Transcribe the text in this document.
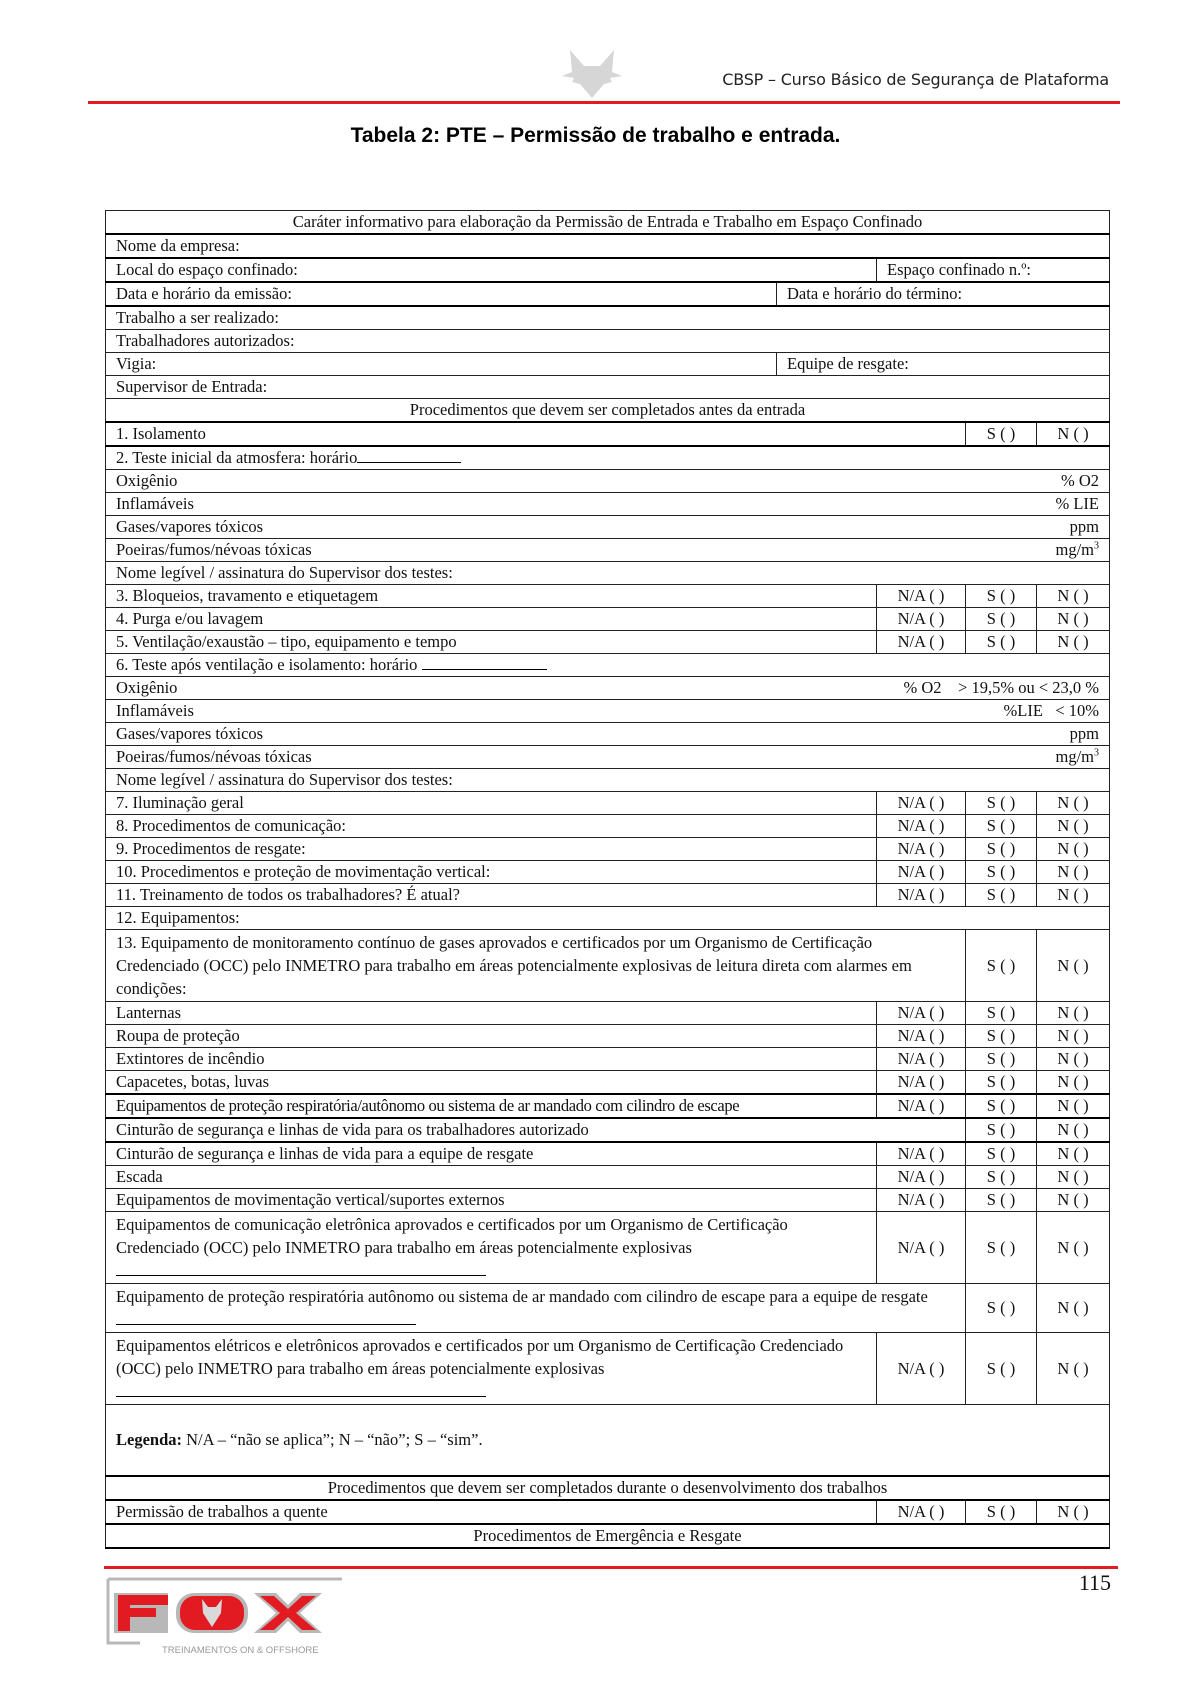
CBSP – Curso Básico de Segurança de Plataforma
Tabela 2: PTE – Permissão de trabalho e entrada.
Caráter informativo para elaboração da Permissão de Entrada e Trabalho em Espaço Confinado				
Nome da empresa:				
Local do espaço confinado:		Espaço confinado n.º:		
Data e horário da emissão:	Data e horário do término:			
Trabalho a ser realizado:				
Trabalhadores autorizados:				
Vigia:	Equipe de resgate:			
Supervisor de Entrada:				
Procedimentos que devem ser completados antes da entrada				
1. Isolamento			S ( )	N ( )
2. Teste inicial da atmosfera: horário				

Oxigênio % O2				

Inflamáveis % LIE				

Gases/vapores tóxicos ppm				

Poeiras/fumos/névoas tóxicas $mg/m^3$

Nome legível / assinatura do Supervisor dos testes:				
3. Bloqueios, travamento e etiquetagem		N/A ( )	S ( )	N ( )
4. Purga e/ou lavagem		N/A ( )	S ( )	N ( )
5. Ventilação/exaustão – tipo, equipamento e tempo		N/A ( )	S ( )	N ( )
6. Teste após ventilação e isolamento: horário				

Oxigênio % O2    > 19,5% ou < 23,0 %				

Inflamáveis %LIE   < 10%				

Gases/vapores tóxicos ppm				

Poeiras/fumos/névoas tóxicas $mg/m^3$

Nome legível / assinatura do Supervisor dos testes:				
7. Iluminação geral		N/A ( )	S ( )	N ( )
8. Procedimentos de comunicação:		N/A ( )	S ( )	N ( )
9. Procedimentos de resgate:		N/A ( )	S ( )	N ( )
10. Procedimentos e proteção de movimentação vertical:		N/A ( )	S ( )	N ( )
11. Treinamento de todos os trabalhadores? É atual?		N/A ( )	S ( )	N ( )
12. Equipamentos:				
13. Equipamento de monitoramento contínuo de gases aprovados e certificados por um Organismo de Certificação Credenciado (OCC) pelo INMETRO para trabalho em áreas potencialmente explosivas de leitura direta com alarmes em condições:			S ( )	N ( )
Lanternas		N/A ( )	S ( )	N ( )
Roupa de proteção		N/A ( )	S ( )	N ( )
Extintores de incêndio		N/A ( )	S ( )	N ( )
Capacetes, botas, luvas		N/A ( )	S ( )	N ( )
Equipamentos de proteção respiratória/autônomo ou sistema de ar mandado com cilindro de escape		N/A ( )	S ( )	N ( )
Cinturão de segurança e linhas de vida para os trabalhadores autorizado			S ( )	N ( )
Cinturão de segurança e linhas de vida para a equipe de resgate		N/A ( )	S ( )	N ( )
Escada		N/A ( )	S ( )	N ( )
Equipamentos de movimentação vertical/suportes externos		N/A ( )	S ( )	N ( )
Equipamentos de comunicação eletrônica aprovados e certificados por um Organismo de Certificação Credenciado (OCC) pelo INMETRO para trabalho em áreas potencialmente explosivas		N/A ( )	S ( )	N ( )
Equipamento de proteção respiratória autônomo ou sistema de ar mandado com cilindro de escape para a equipe de resgate			S ( )	N ( )
Equipamentos elétricos e eletrônicos aprovados e certificados por um Organismo de Certificação Credenciado (OCC) pelo INMETRO para trabalho em áreas potencialmente explosivas		N/A ( )	S ( )	N ( )
Legenda: N/A – “não se aplica”; N – “não”; S – “sim”.				
Procedimentos que devem ser completados durante o desenvolvimento dos trabalhos				
Permissão de trabalhos a quente		N/A ( )	S ( )	N ( )
Procedimentos de Emergência e Resgate				
115
TREINAMENTOS ON & OFFSHORE
